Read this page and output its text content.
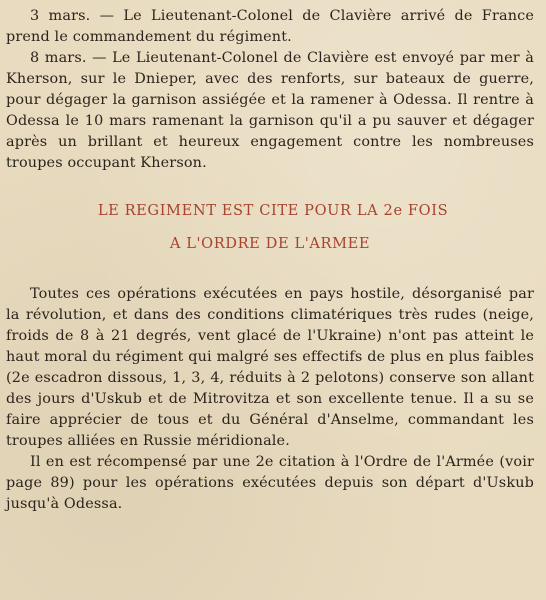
3 mars. — Le Lieutenant-Colonel de Clavière arrivé de France prend le commandement du régiment.

8 mars. — Le Lieutenant-Colonel de Clavière est envoyé par mer à Kherson, sur le Dnieper, avec des renforts, sur bateaux de guerre, pour dégager la garnison assiégée et la ramener à Odessa. Il rentre à Odessa le 10 mars ramenant la garnison qu'il a pu sauver et dégager après un brillant et heureux engagement contre les nombreuses troupes occupant Kherson.

LE REGIMENT EST CITE POUR LA 2e FOIS
A L'ORDRE DE L'ARMEE

Toutes ces opérations exécutées en pays hostile, désorganisé par la révolution, et dans des conditions climatériques très rudes (neige, froids de 8 à 21 degrés, vent glacé de l'Ukraine) n'ont pas atteint le haut moral du régiment qui malgré ses effectifs de plus en plus faibles (2e escadron dissous, 1, 3, 4, réduits à 2 pelotons) conserve son allant des jours d'Uskub et de Mitrovitza et son excellente tenue. Il a su se faire apprécier de tous et du Général d'Anselme, commandant les troupes alliées en Russie méridionale.

Il en est récompensé par une 2e citation à l'Ordre de l'Armée (voir page 89) pour les opérations exécutées depuis son départ d'Uskub jusqu'à Odessa.
